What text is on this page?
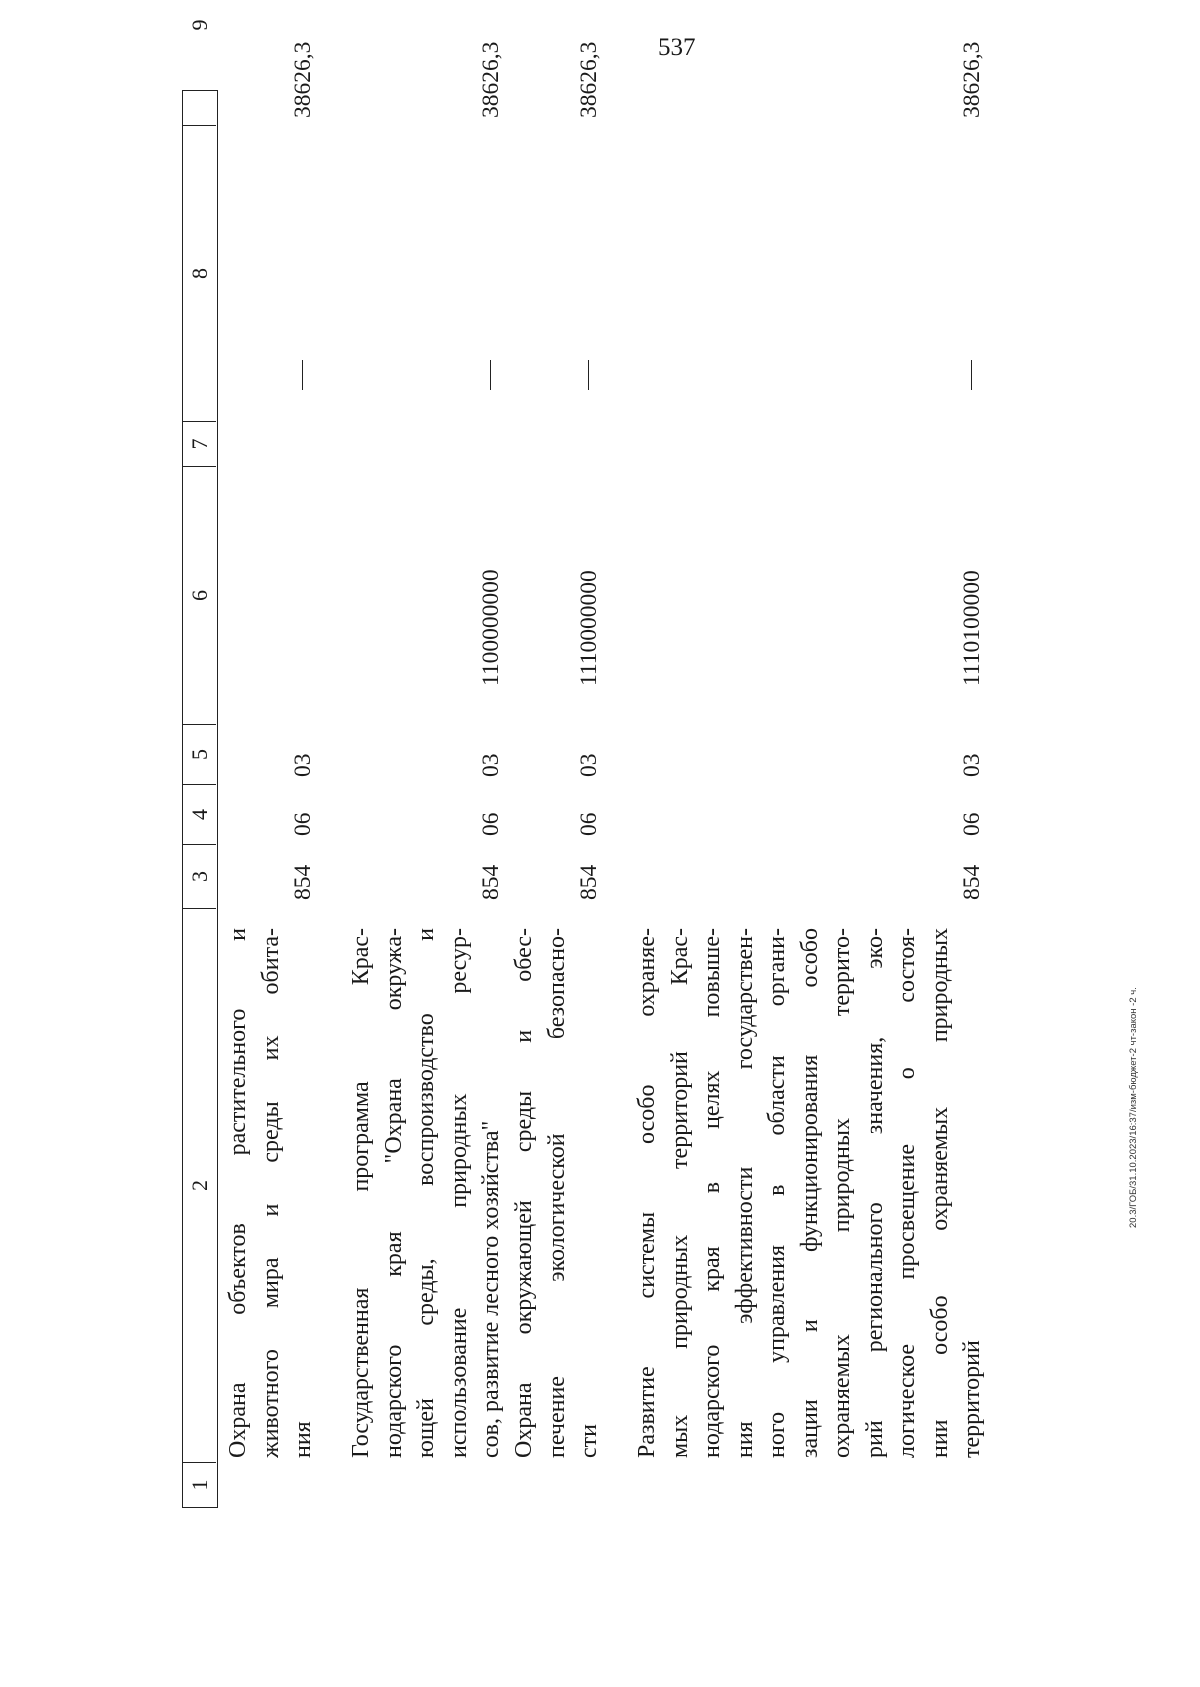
537
20.3/ГОБ/31.10.2023/16:37/изм-бюджет-2 чт-закон -2 ч.
1
2
3
4
5
6
7
8
9
Охрана объектов растительного и животного мира и среды их обита- ния
854
06
03
38626,3
Государственная программа Крас- нодарского края "Охрана окружа- ющей среды, воспроизводство и использование природных ресур- сов, развитие лесного хозяйства"
854
06
03
1100000000
38626,3
Охрана окружающей среды и обес- печение экологической безопасно- сти
854
06
03
1110000000
38626,3
Развитие системы особо охраняе- мых природных территорий Крас- нодарского края в целях повыше- ния эффективности государствен- ного управления в области органи- зации и функционирования особо охраняемых природных террито- рий регионального значения, эко- логическое просвещение о состоя- нии особо охраняемых природных территорий
854
06
03
1110100000
38626,3
